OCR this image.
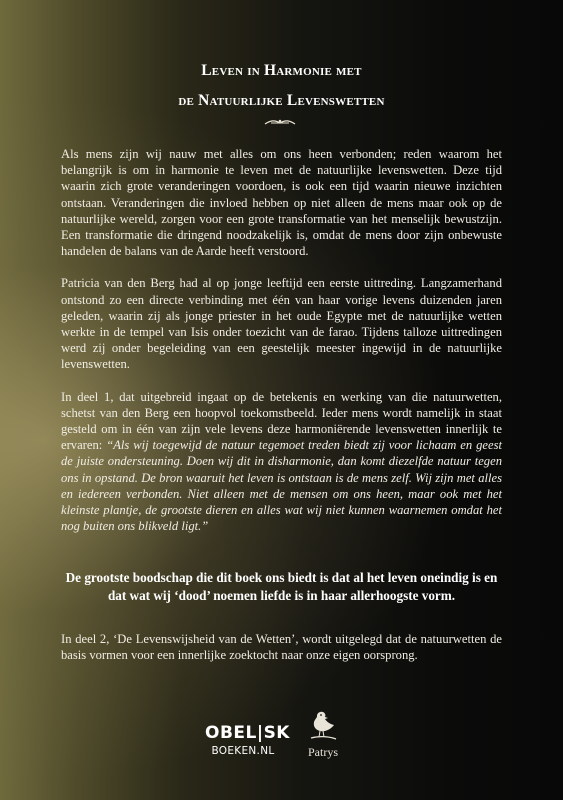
Leven in Harmonie met
de Natuurlijke Levenswetten

Als mens zijn wij nauw met alles om ons heen verbonden; reden waarom het belangrijk is om in harmonie te leven met de natuurlijke levenswetten. Deze tijd waarin zich grote veranderingen voordoen, is ook een tijd waarin nieuwe inzichten ontstaan. Veranderingen die invloed hebben op niet alleen de mens maar ook op de natuurlijke wereld, zorgen voor een grote transformatie van het menselijk bewustzijn. Een transformatie die dringend noodzakelijk is, omdat de mens door zijn onbewuste handelen de balans van de Aarde heeft verstoord.

Patricia van den Berg had al op jonge leeftijd een eerste uittreding. Langzamerhand ontstond zo een directe verbinding met één van haar vorige levens duizenden jaren geleden, waarin zij als jonge priester in het oude Egypte met de natuurlijke wetten werkte in de tempel van Isis onder toezicht van de farao. Tijdens talloze uittredingen werd zij onder begeleiding van een geestelijk meester ingewijd in de natuurlijke levenswetten.

In deel 1, dat uitgebreid ingaat op de betekenis en werking van die natuurwetten, schetst van den Berg een hoopvol toekomstbeeld. Ieder mens wordt namelijk in staat gesteld om in één van zijn vele levens deze harmoniërende levenswetten innerlijk te ervaren: “Als wij toegewijd de natuur tegemoet treden biedt zij voor lichaam en geest de juiste ondersteuning. Doen wij dit in disharmonie, dan komt diezelfde natuur tegen ons in opstand. De bron waaruit het leven is ontstaan is de mens zelf. Wij zijn met alles en iedereen verbonden. Niet alleen met de mensen om ons heen, maar ook met het kleinste plantje, de grootste dieren en alles wat wij niet kunnen waarnemen omdat het nog buiten ons blikveld ligt.”

De grootste boodschap die dit boek ons biedt is dat al het leven oneindig is en dat wat wij ‘dood’ noemen liefde is in haar allerhoogste vorm.
In deel 2, ‘De Levenswijsheid van de Wetten’, wordt uitgelegd dat de natuurwetten de basis vormen voor een innerlijke zoektocht naar onze eigen oorsprong.
OBEL|SK
BOEKEN.NL	Patrys
